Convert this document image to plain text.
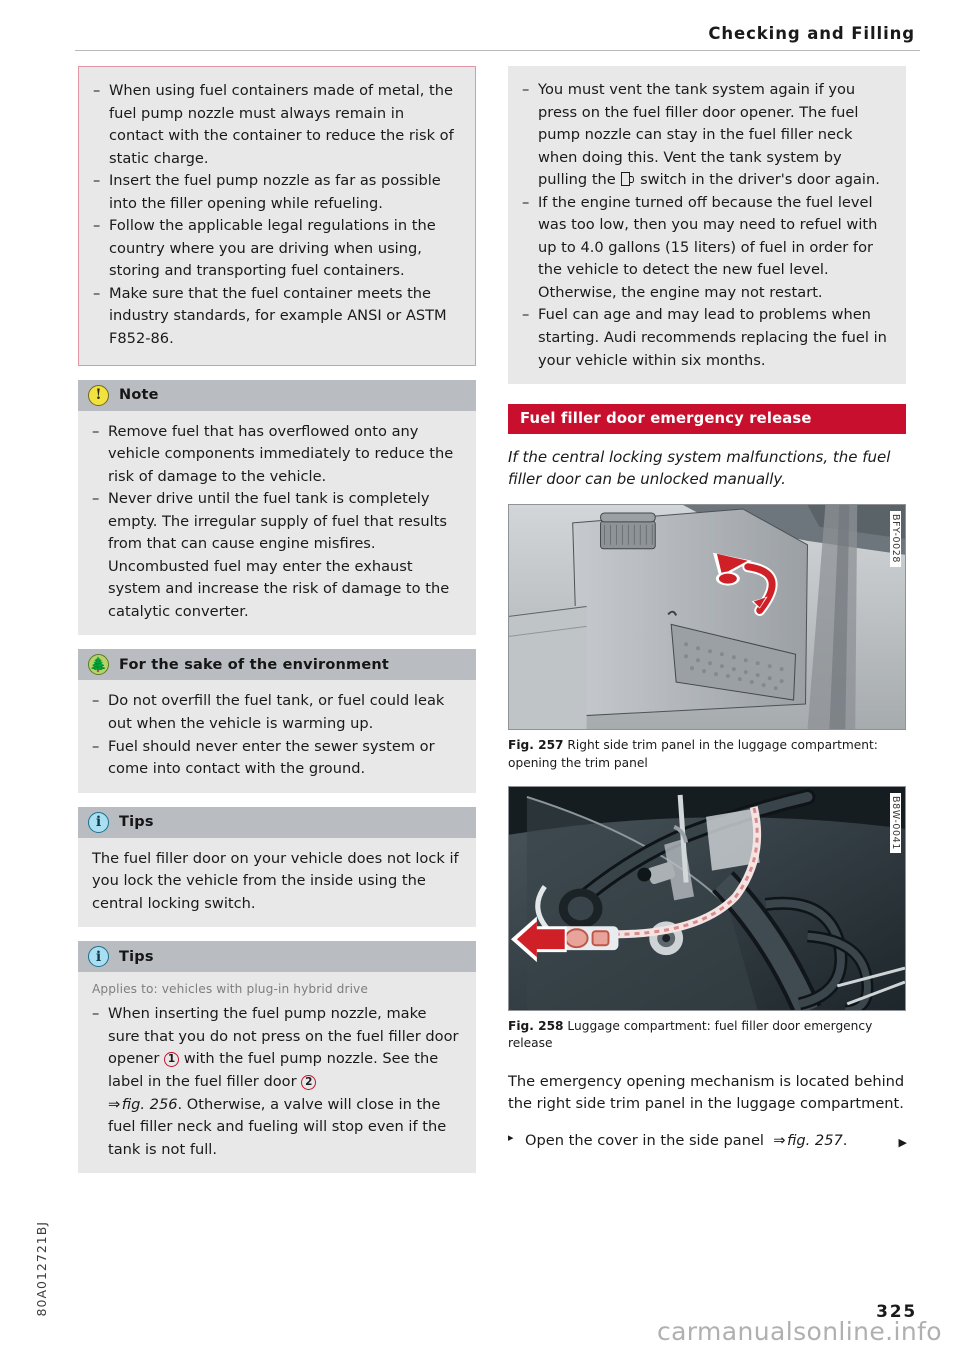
Checking and Filling
– When using fuel containers made of metal, the fuel pump nozzle must always remain in contact with the container to reduce the risk of static charge.
– Insert the fuel pump nozzle as far as possible into the filler opening while refueling.
– Follow the applicable legal regulations in the country where you are driving when using, storing and transporting fuel containers.
– Make sure that the fuel container meets the industry standards, for example ANSI or ASTM F852-86.
!	Note
– Remove fuel that has overflowed onto any vehicle components immediately to reduce the risk of damage to the vehicle.
– Never drive until the fuel tank is completely empty. The irregular supply of fuel that results from that can cause engine misfires. Uncombusted fuel may enter the exhaust system and increase the risk of damage to the catalytic converter.
🌲 For the sake of the environment
– Do not overfill the fuel tank, or fuel could leak out when the vehicle is warming up.
– Fuel should never enter the sewer system or come into contact with the ground.
i	Tips
The fuel filler door on your vehicle does not lock if you lock the vehicle from the inside using the central locking switch.
i	Tips
Applies to: vehicles with plug-in hybrid drive
– When inserting the fuel pump nozzle, make sure that you do not press on the fuel filler door opener 1 with the fuel pump nozzle. See the label in the fuel filler door 2
⇒ fig. 256. Otherwise, a valve will close in the fuel filler neck and fueling will stop even if the tank is not full.
– You must vent the tank system again if you press on the fuel filler door opener. The fuel pump nozzle can stay in the fuel filler neck when doing this. Vent the tank system by pulling the switch in the driver's door again.
– If the engine turned off because the fuel level was too low, then you may need to refuel with up to 4.0 gallons (15 liters) of fuel in order for the vehicle to detect the new fuel level. Otherwise, the engine may not restart.
– Fuel can age and may lead to problems when starting. Audi recommends replacing the fuel in your vehicle within six months.
Fuel filler door emergency release
If the central locking system malfunctions, the fuel filler door can be unlocked manually.
BFY-0028
Fig. 257 Right side trim panel in the luggage compartment: opening the trim panel
B8W-0041
Fig. 258 Luggage compartment: fuel filler door emergency release
The emergency opening mechanism is located behind the right side trim panel in the luggage compartment.
▸ Open the cover in the side panel  ⇒ fig. 257.	▶
80A012721BJ	325
carmanualsonline.info
